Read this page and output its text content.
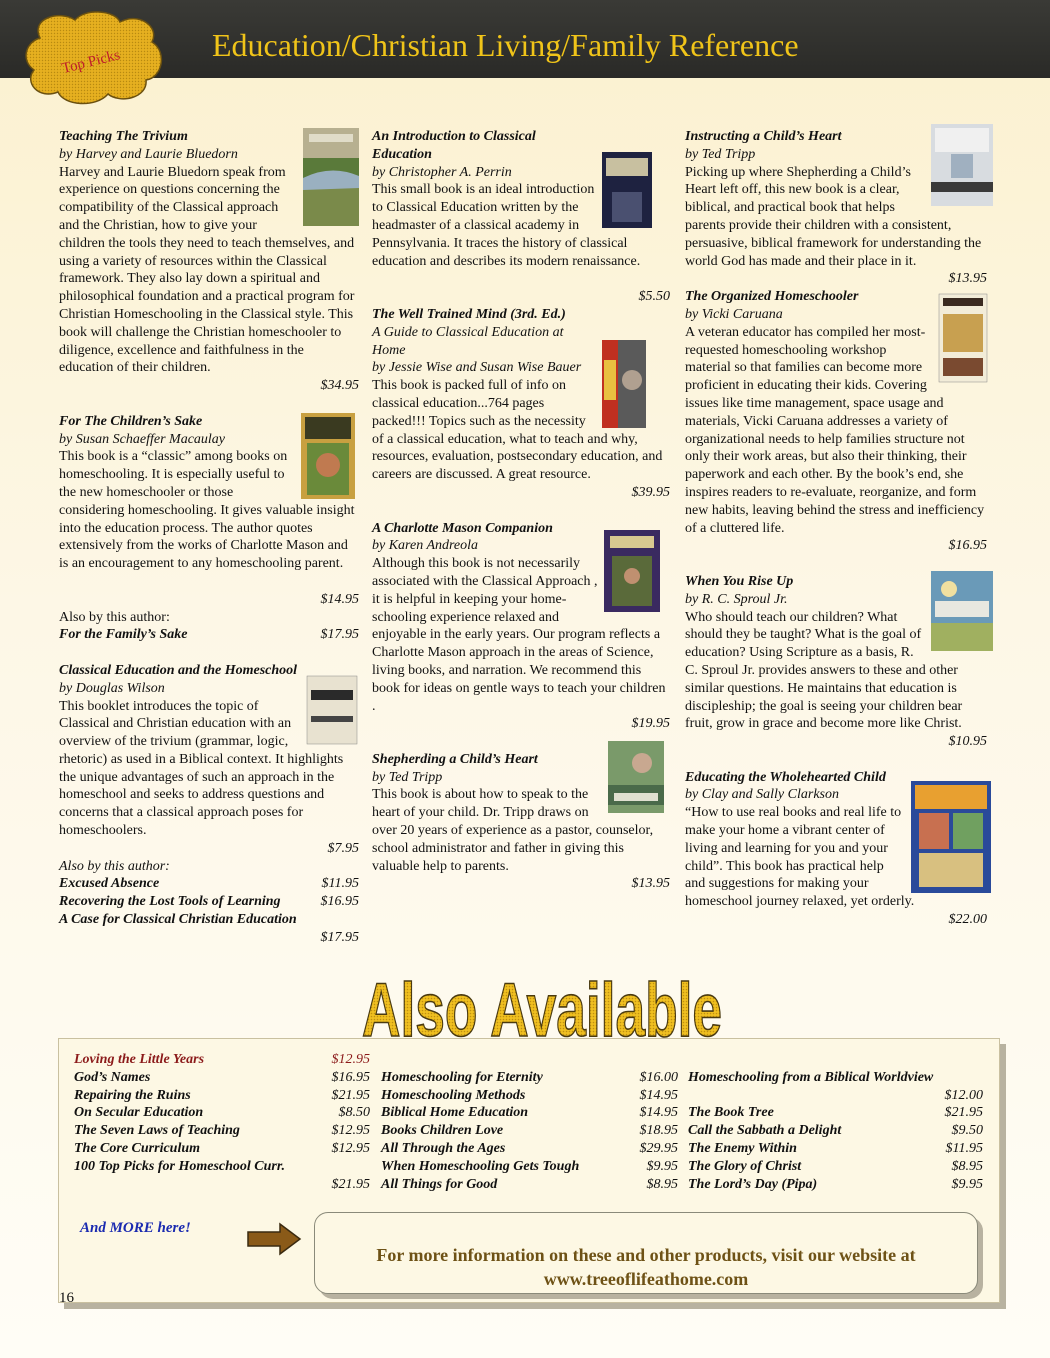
Top Picks	Education/Christian Living/Family Reference
Teaching The Trivium
by Harvey and Laurie Bluedorn
Harvey and Laurie Bluedorn speak from experience on questions concerning the compatibility of the Classical approach and the Christian, how to give your children the tools they need to teach themselves, and using a variety of resources within the Classical framework. They also lay down a spiritual and philosophical foundation and a practical program for Christian Homeschooling in the Classical style. This book will challenge the Christian homeschooler to diligence, excellence and faithfulness in the education of their children.
$34.95
For The Children’s Sake
by Susan Schaeffer Macaulay
This book is a “classic” among books on homeschooling. It is especially useful to the new homeschooler or those considering homeschooling. It gives valuable insight into the education process. The author quotes extensively from the works of Charlotte Mason and is an encouragement to any homeschooling parent.
$14.95
Also by this author:
For the Family’s Sake	$17.95
Classical Education and the Homeschool
by Douglas Wilson
This booklet introduces the topic of Classical and Christian education with an overview of the trivium (grammar, logic, rhetoric) as used in a Biblical context. It highlights the unique advantages of such an approach in the homeschool and seeks to address questions and concerns that a classical approach poses for homeschoolers.
$7.95
Also by this author:
Excused Absence	$11.95
Recovering the Lost Tools of Learning	$16.95
A Case for Classical Christian Education
$17.95
An Introduction to Classical Education
by Christopher A. Perrin
This small book is an ideal introduction to Classical Education written by the headmaster of a classical academy in Pennsylvania. It traces the history of classical education and describes its modern renaissance.
$5.50
The Well Trained Mind (3rd. Ed.)
A Guide to Classical Education at Home
by Jessie Wise and Susan Wise Bauer
This book is packed full of info on classical education...764 pages packed!!! Topics such as the necessity of a classical education, what to teach and why, resources, evaluation, postsecondary education, and careers are discussed. A great resource.
$39.95
A Charlotte Mason Companion
by Karen Andreola
Although this book is not necessarily associated with the Classical Approach , it is helpful in keeping your home-schooling experience relaxed and enjoyable in the early years. Our program reflects a Charlotte Mason approach in the areas of Science, living books, and narration. We recommend this book for ideas on gentle ways to teach your children .
$19.95
Shepherding a Child’s Heart
by Ted Tripp
This book is about how to speak to the heart of your child. Dr. Tripp draws on over 20 years of experience as a pastor, counselor, school administrator and father in giving this valuable help to parents.
$13.95
Instructing a Child’s Heart
by Ted Tripp
Picking up where Shepherding a Child’s Heart left off, this new book is a clear, biblical, and practical book that helps parents provide their children with a consistent, persuasive, biblical framework for understanding the world God has made and their place in it.
$13.95
The Organized Homeschooler
by Vicki Caruana
A veteran educator has compiled her most-requested homeschooling workshop material so that families can become more proficient in educating their kids. Covering issues like time management, space usage and materials, Vicki Caruana addresses a variety of organizational needs to help families structure not only their work areas, but also their thinking, their paperwork and each other. By the book’s end, she inspires readers to re-evaluate, reorganize, and form new habits, leaving behind the stress and inefficiency of a cluttered life.
$16.95
When You Rise Up
by R. C. Sproul Jr.
Who should teach our children? What should they be taught? What is the goal of education? Using Scripture as a basis, R. C. Sproul Jr. provides answers to these and other similar questions. He maintains that education is discipleship; the goal is seeing your children bear fruit, grow in grace and become more like Christ.
$10.95
Educating the Wholehearted Child
by Clay and Sally Clarkson
“How to use real books and real life to make your home a vibrant center of living and learning for you and your child”. This book has practical help and suggestions for making your homeschool journey relaxed, yet orderly.
$22.00
Loving the Little Years	$12.95
God’s Names	$16.95
Repairing the Ruins	$21.95
On Secular Education	$8.50
The Seven Laws of Teaching	$12.95
The Core Curriculum	$12.95
100 Top Picks for Homeschool Curr.
$21.95
Homeschooling for Eternity	$16.00
Homeschooling Methods	$14.95
Biblical Home Education	$14.95
Books Children Love	$18.95
All Through the Ages	$29.95
When Homeschooling Gets Tough	$9.95
All Things for Good	$8.95
Homeschooling from a Biblical Worldview
$12.00
The Book Tree	$21.95
Call the Sabbath a Delight	$9.50
The Enemy Within	$11.95
The Glory of Christ	$8.95
The Lord’s Day (Pipa)	$9.95
Also Available
And MORE here!
For more information on these and other products, visit our website at
www.treeoflifeathome.com
16
